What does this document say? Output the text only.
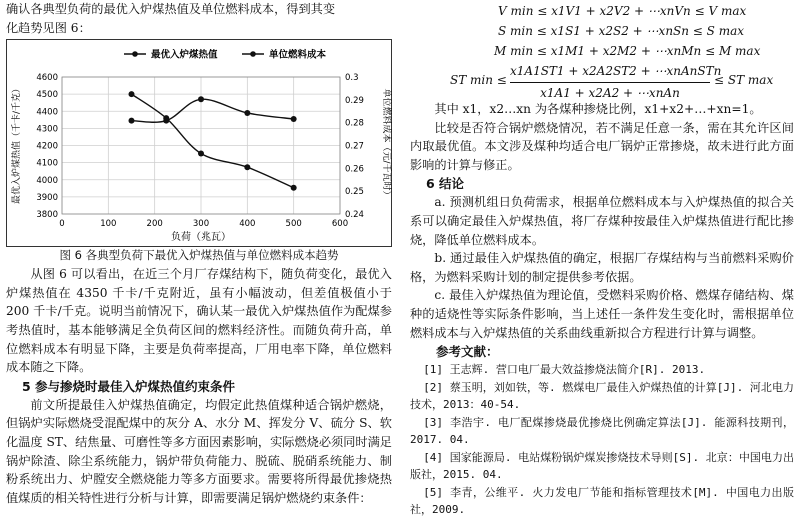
确认各典型负荷的最优入炉煤热值及单位燃料成本，得到其变

化趋势见图 6：

3800
3900
4000
4100
4200
4300
4400
4500
4600
0.24
0.25
0.26
0.27
0.28
0.29
0.3
0	100	200	300	400	500	600
最优入炉煤热值	单位燃料成本
负荷（兆瓦）
最优入炉煤热值（千卡/千克）	单位燃料成本（元/千瓦时）

图 6 各典型负荷下最优入炉煤热值与单位燃料成本趋势

从图 6 可以看出，在近三个月厂存煤结构下，随负荷变化，最优入炉煤热值在 4350 千卡/千克附近，虽有小幅波动，但差值极值小于 200 千卡/千克。说明当前情况下，确认某一最优入炉煤热值作为配煤参考热值时，基本能够满足全负荷区间的燃料经济性。而随负荷升高，单位燃料成本有明显下降，主要是负荷率提高，厂用电率下降，单位燃料成本随之下降。

5 参与掺烧时最佳入炉煤热值约束条件

前文所提最佳入炉煤热值确定，均假定此热值煤种适合锅炉燃烧，但锅炉实际燃烧受混配煤中的灰分 A、水分 M、挥发分 V、硫分 S、软化温度 ST、结焦量、可磨性等多方面因素影响，实际燃烧必须同时满足锅炉除渣、除尘系统能力，锅炉带负荷能力、脱硫、脱硝系统能力、制粉系统出力、炉膛安全燃烧能力等多方面要求。需要将所得最优掺烧热值煤质的相关特性进行分析与计算，即需要满足锅炉燃烧约束条件：

V min ≤ x1V1 + x2V2 + ⋯xnVn ≤ V max
S min ≤ x1S1 + x2S2 + ⋯xnSn ≤ S max
M min ≤ x1M1 + x2M2 + ⋯xnMn ≤ M max
ST min ≤
x1A1ST1 + x2A2ST2 + ⋯xnAnSTn
x1A1 + x2A2 + ⋯xnAn
≤ ST max

其中 x1，x2…xn 为各煤种掺烧比例，x1+x2+…+xn=1。

比较是否符合锅炉燃烧情况，若不满足任意一条，需在其允许区间内取最优值。本文涉及煤种均适合电厂锅炉正常掺烧，故未进行此方面影响的计算与修正。

6 结论

a. 预测机组日负荷需求，根据单位燃料成本与入炉煤热值的拟合关系可以确定最佳入炉煤热值，将厂存煤种按最佳入炉煤热值进行配比掺烧，降低单位燃料成本。

b. 通过最佳入炉煤热值的确定，根据厂存煤结构与当前燃料采购价格，为燃料采购计划的制定提供参考依据。

c. 最佳入炉煤热值为理论值，受燃料采购价格、燃煤存储结构、煤种的适烧性等实际条件影响，当上述任一条件发生变化时，需根据单位燃料成本与入炉煤热值的关系曲线重新拟合方程进行计算与调整。

参考文献：

[1] 王志辉. 营口电厂最大效益掺烧法简介[R]. 2013.

[2] 蔡玉明，刘如铁，等. 燃煤电厂最佳入炉煤热值的计算[J]. 河北电力技术，2013：40-54.

[3] 李浩宇. 电厂配煤掺烧最优掺烧比例确定算法[J]. 能源科技期刊，2017. 04.

[4] 国家能源局. 电站煤粉锅炉煤炭掺烧技术导则[S]. 北京：中国电力出版社，2015. 04.

[5] 李青，公维平. 火力发电厂节能和指标管理技术[M]. 中国电力出版社，2009.
